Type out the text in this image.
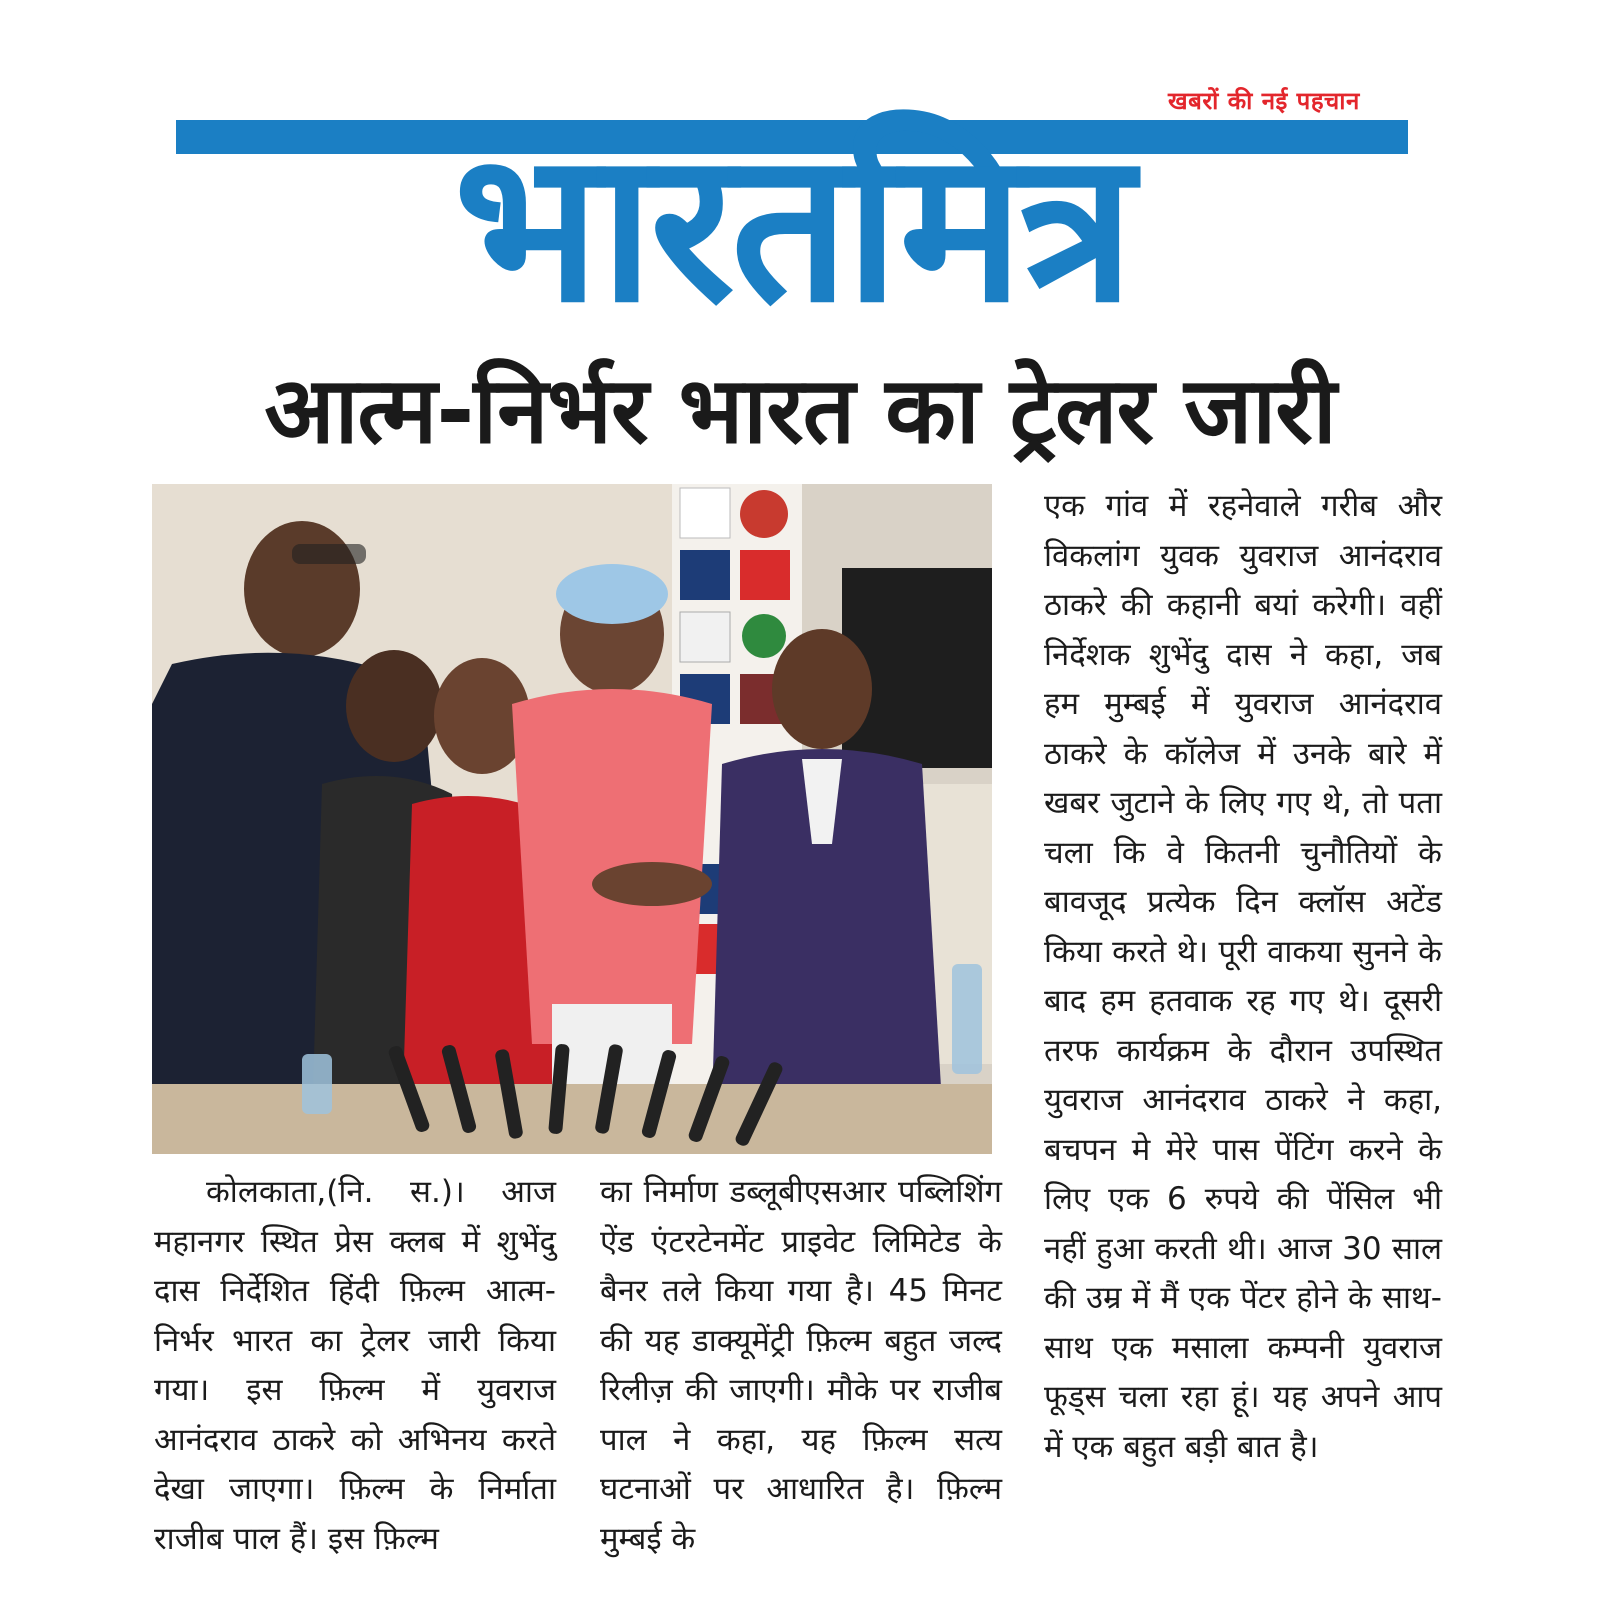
खबरों की नई पहचान
भारतमित्र
आत्म-निर्भर भारत का ट्रेलर जारी

एक गांव में रहनेवाले गरीब और विकलांग युवक युवराज आनंदराव ठाकरे की कहानी बयां करेगी। वहीं निर्देशक शुभेंदु दास ने कहा, जब हम मुम्बई में युवराज आनंदराव ठाकरे के कॉलेज में उनके बारे में खबर जुटाने के लिए गए थे, तो पता चला कि वे कितनी चुनौतियों के बावजूद प्रत्येक दिन क्लॉस अटेंड किया करते थे। पूरी वाकया सुनने के बाद हम हतवाक रह गए थे। दूसरी तरफ कार्यक्रम के दौरान उपस्थित युवराज आनंदराव ठाकरे ने कहा, बचपन मे मेरे पास पेंटिंग करने के लिए एक 6 रुपये की पेंसिल भी नहीं हुआ करती थी। आज 30 साल की उम्र में मैं एक पेंटर होने के साथ-साथ एक मसाला कम्पनी युवराज फूड्स चला रहा हूं। यह अपने आप में एक बहुत बड़ी बात है।

कोलकाता,(नि. स.)। आज महानगर स्थित प्रेस क्लब में शुभेंदु दास निर्देशित हिंदी फ़िल्म आत्म-निर्भर भारत का ट्रेलर जारी किया गया। इस फ़िल्म में युवराज आनंदराव ठाकरे को अभिनय करते देखा जाएगा। फ़िल्म के निर्माता राजीब पाल हैं। इस फ़िल्म

का निर्माण डब्लूबीएसआर पब्लिशिंग ऐंड एंटरटेनमेंट प्राइवेट लिमिटेड के बैनर तले किया गया है। 45 मिनट की यह डाक्यूमेंट्री फ़िल्म बहुत जल्द रिलीज़ की जाएगी। मौके पर राजीब पाल ने कहा, यह फ़िल्म सत्य घटनाओं पर आधारित है। फ़िल्म मुम्बई के
